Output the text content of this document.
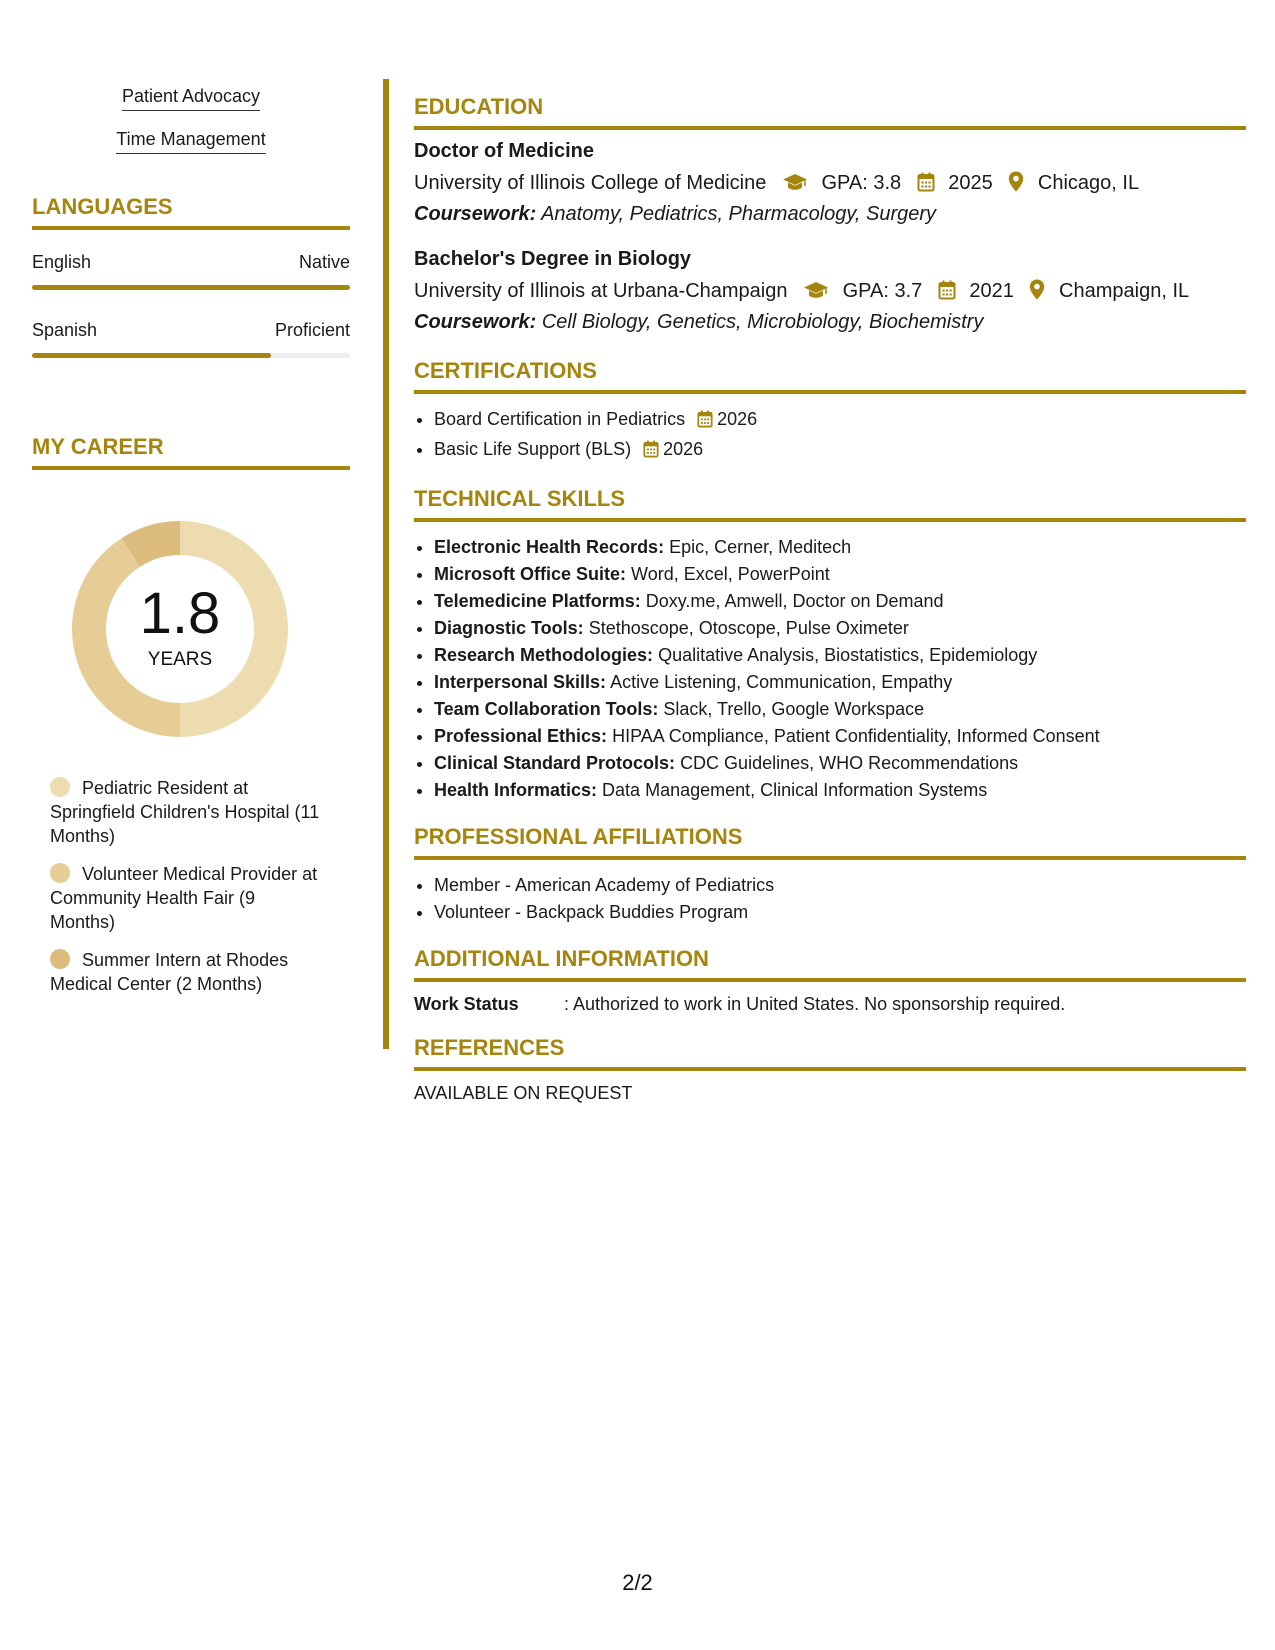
Patient Advocacy
Time Management
LANGUAGES
English	Native
Spanish	Proficient
MY CAREER
1.8
YEARS
Pediatric Resident at Springfield Children's Hospital (11 Months)
Volunteer Medical Provider at Community Health Fair (9 Months)
Summer Intern at Rhodes Medical Center (2 Months)
EDUCATION
Doctor of Medicine
University of Illinois College of Medicine	GPA: 3.8 2025 Chicago, IL
Coursework: Anatomy, Pediatrics, Pharmacology, Surgery
Bachelor's Degree in Biology
University of Illinois at Urbana-Champaign	GPA: 3.7 2021 Champaign, IL
Coursework: Cell Biology, Genetics, Microbiology, Biochemistry
CERTIFICATIONS
• Board Certification in Pediatrics 2026
• Basic Life Support (BLS) 2026
TECHNICAL SKILLS
• Electronic Health Records: Epic, Cerner, Meditech
• Microsoft Office Suite: Word, Excel, PowerPoint
• Telemedicine Platforms: Doxy.me, Amwell, Doctor on Demand
• Diagnostic Tools: Stethoscope, Otoscope, Pulse Oximeter
• Research Methodologies: Qualitative Analysis, Biostatistics, Epidemiology
• Interpersonal Skills: Active Listening, Communication, Empathy
• Team Collaboration Tools: Slack, Trello, Google Workspace
• Professional Ethics: HIPAA Compliance, Patient Confidentiality, Informed Consent
• Clinical Standard Protocols: CDC Guidelines, WHO Recommendations
• Health Informatics: Data Management, Clinical Information Systems
PROFESSIONAL AFFILIATIONS
• Member - American Academy of Pediatrics
• Volunteer - Backpack Buddies Program
ADDITIONAL INFORMATION
Work Status	: Authorized to work in United States. No sponsorship required.
REFERENCES
AVAILABLE ON REQUEST
2/2
